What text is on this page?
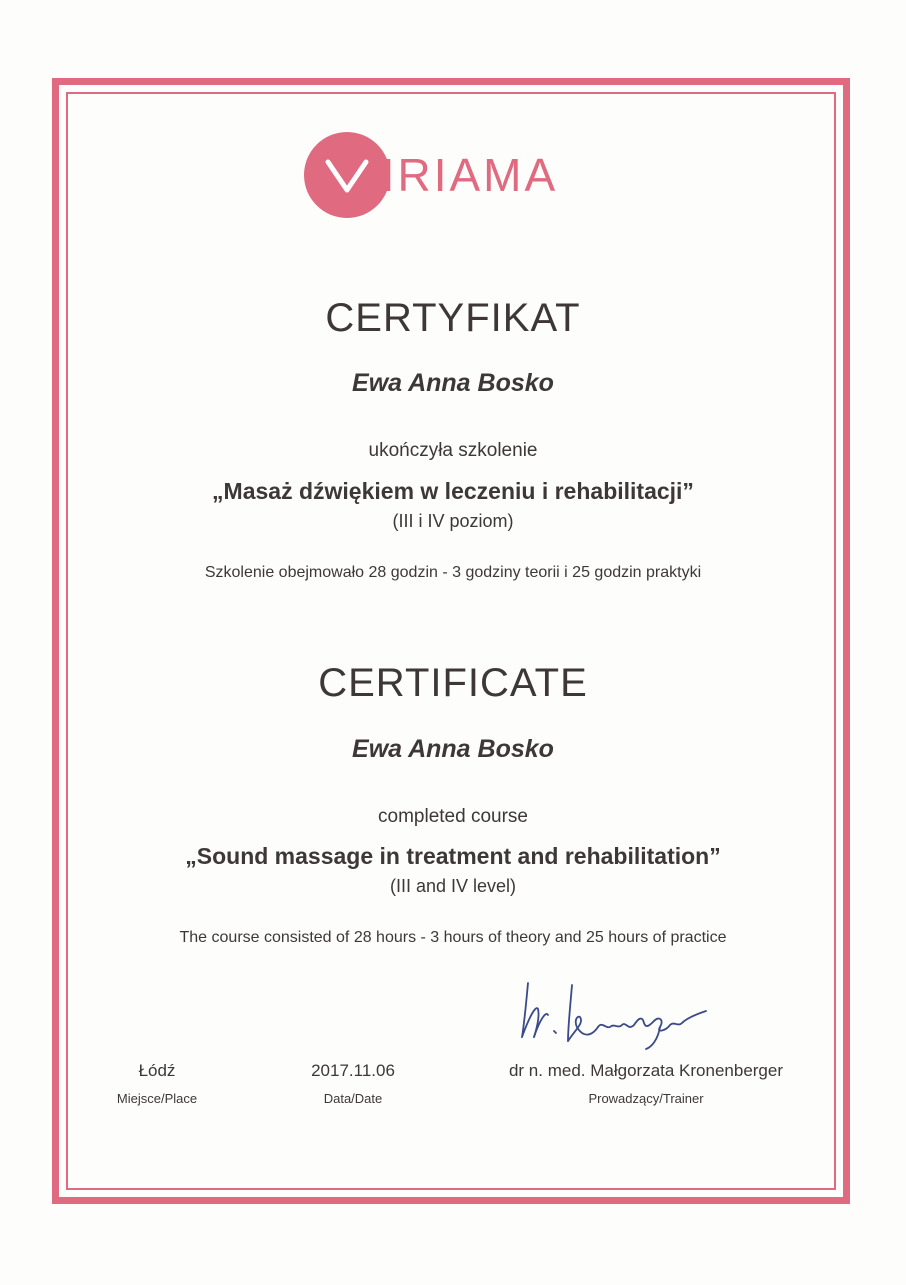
IRIAMA
CERTYFIKAT
Ewa Anna Bosko
ukończyła szkolenie
„Masaż dźwiękiem w leczeniu i rehabilitacji”
(III i IV poziom)
Szkolenie obejmowało 28 godzin - 3 godziny teorii i 25 godzin praktyki
CERTIFICATE
Ewa Anna Bosko
completed course
„Sound massage in treatment and rehabilitation”
(III and IV level)
The course consisted of 28 hours - 3 hours of theory and 25 hours of practice
Łódź
Miejsce/Place
2017.11.06
Data/Date
dr n. med. Małgorzata Kronenberger
Prowadzący/Trainer
